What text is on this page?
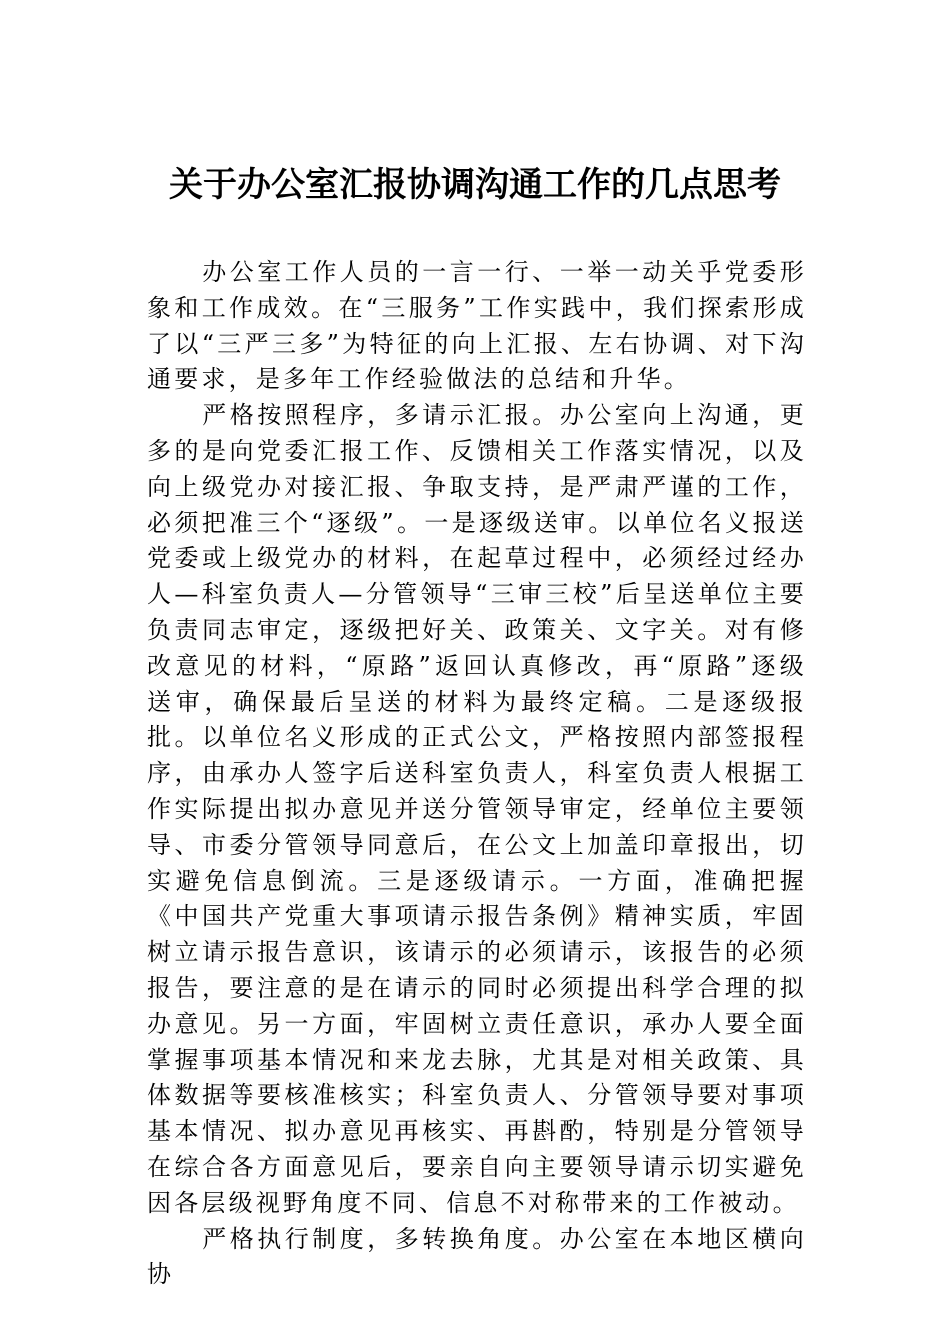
关于办公室汇报协调沟通工作的几点思考

办公室工作人员的一言一行、一举一动关乎党委形象和工作成效。在“三服务”工作实践中，我们探索形成了以“三严三多”为特征的向上汇报、左右协调、对下沟通要求，是多年工作经验做法的总结和升华。

严格按照程序，多请示汇报。办公室向上沟通，更多的是向党委汇报工作、反馈相关工作落实情况，以及向上级党办对接汇报、争取支持，是严肃严谨的工作，必须把准三个“逐级”。一是逐级送审。以单位名义报送党委或上级党办的材料，在起草过程中，必须经过经办人—科室负责人—分管领导“三审三校”后呈送单位主要负责同志审定，逐级把好关、政策关、文字关。对有修改意见的材料，“原路”返回认真修改，再“原路”逐级送审，确保最后呈送的材料为最终定稿。二是逐级报批。以单位名义形成的正式公文，严格按照内部签报程序，由承办人签字后送科室负责人，科室负责人根据工作实际提出拟办意见并送分管领导审定，经单位主要领导、市委分管领导同意后，在公文上加盖印章报出，切实避免信息倒流。三是逐级请示。一方面，准确把握《中国共产党重大事项请示报告条例》精神实质，牢固树立请示报告意识，该请示的必须请示，该报告的必须报告，要注意的是在请示的同时必须提出科学合理的拟办意见。另一方面，牢固树立责任意识，承办人要全面掌握事项基本情况和来龙去脉，尤其是对相关政策、具体数据等要核准核实；科室负责人、分管领导要对事项基本情况、拟办意见再核实、再斟酌，特别是分管领导在综合各方面意见后，要亲自向主要领导请示切实避免因各层级视野角度不同、信息不对称带来的工作被动。

严格执行制度，多转换角度。办公室在本地区横向协
